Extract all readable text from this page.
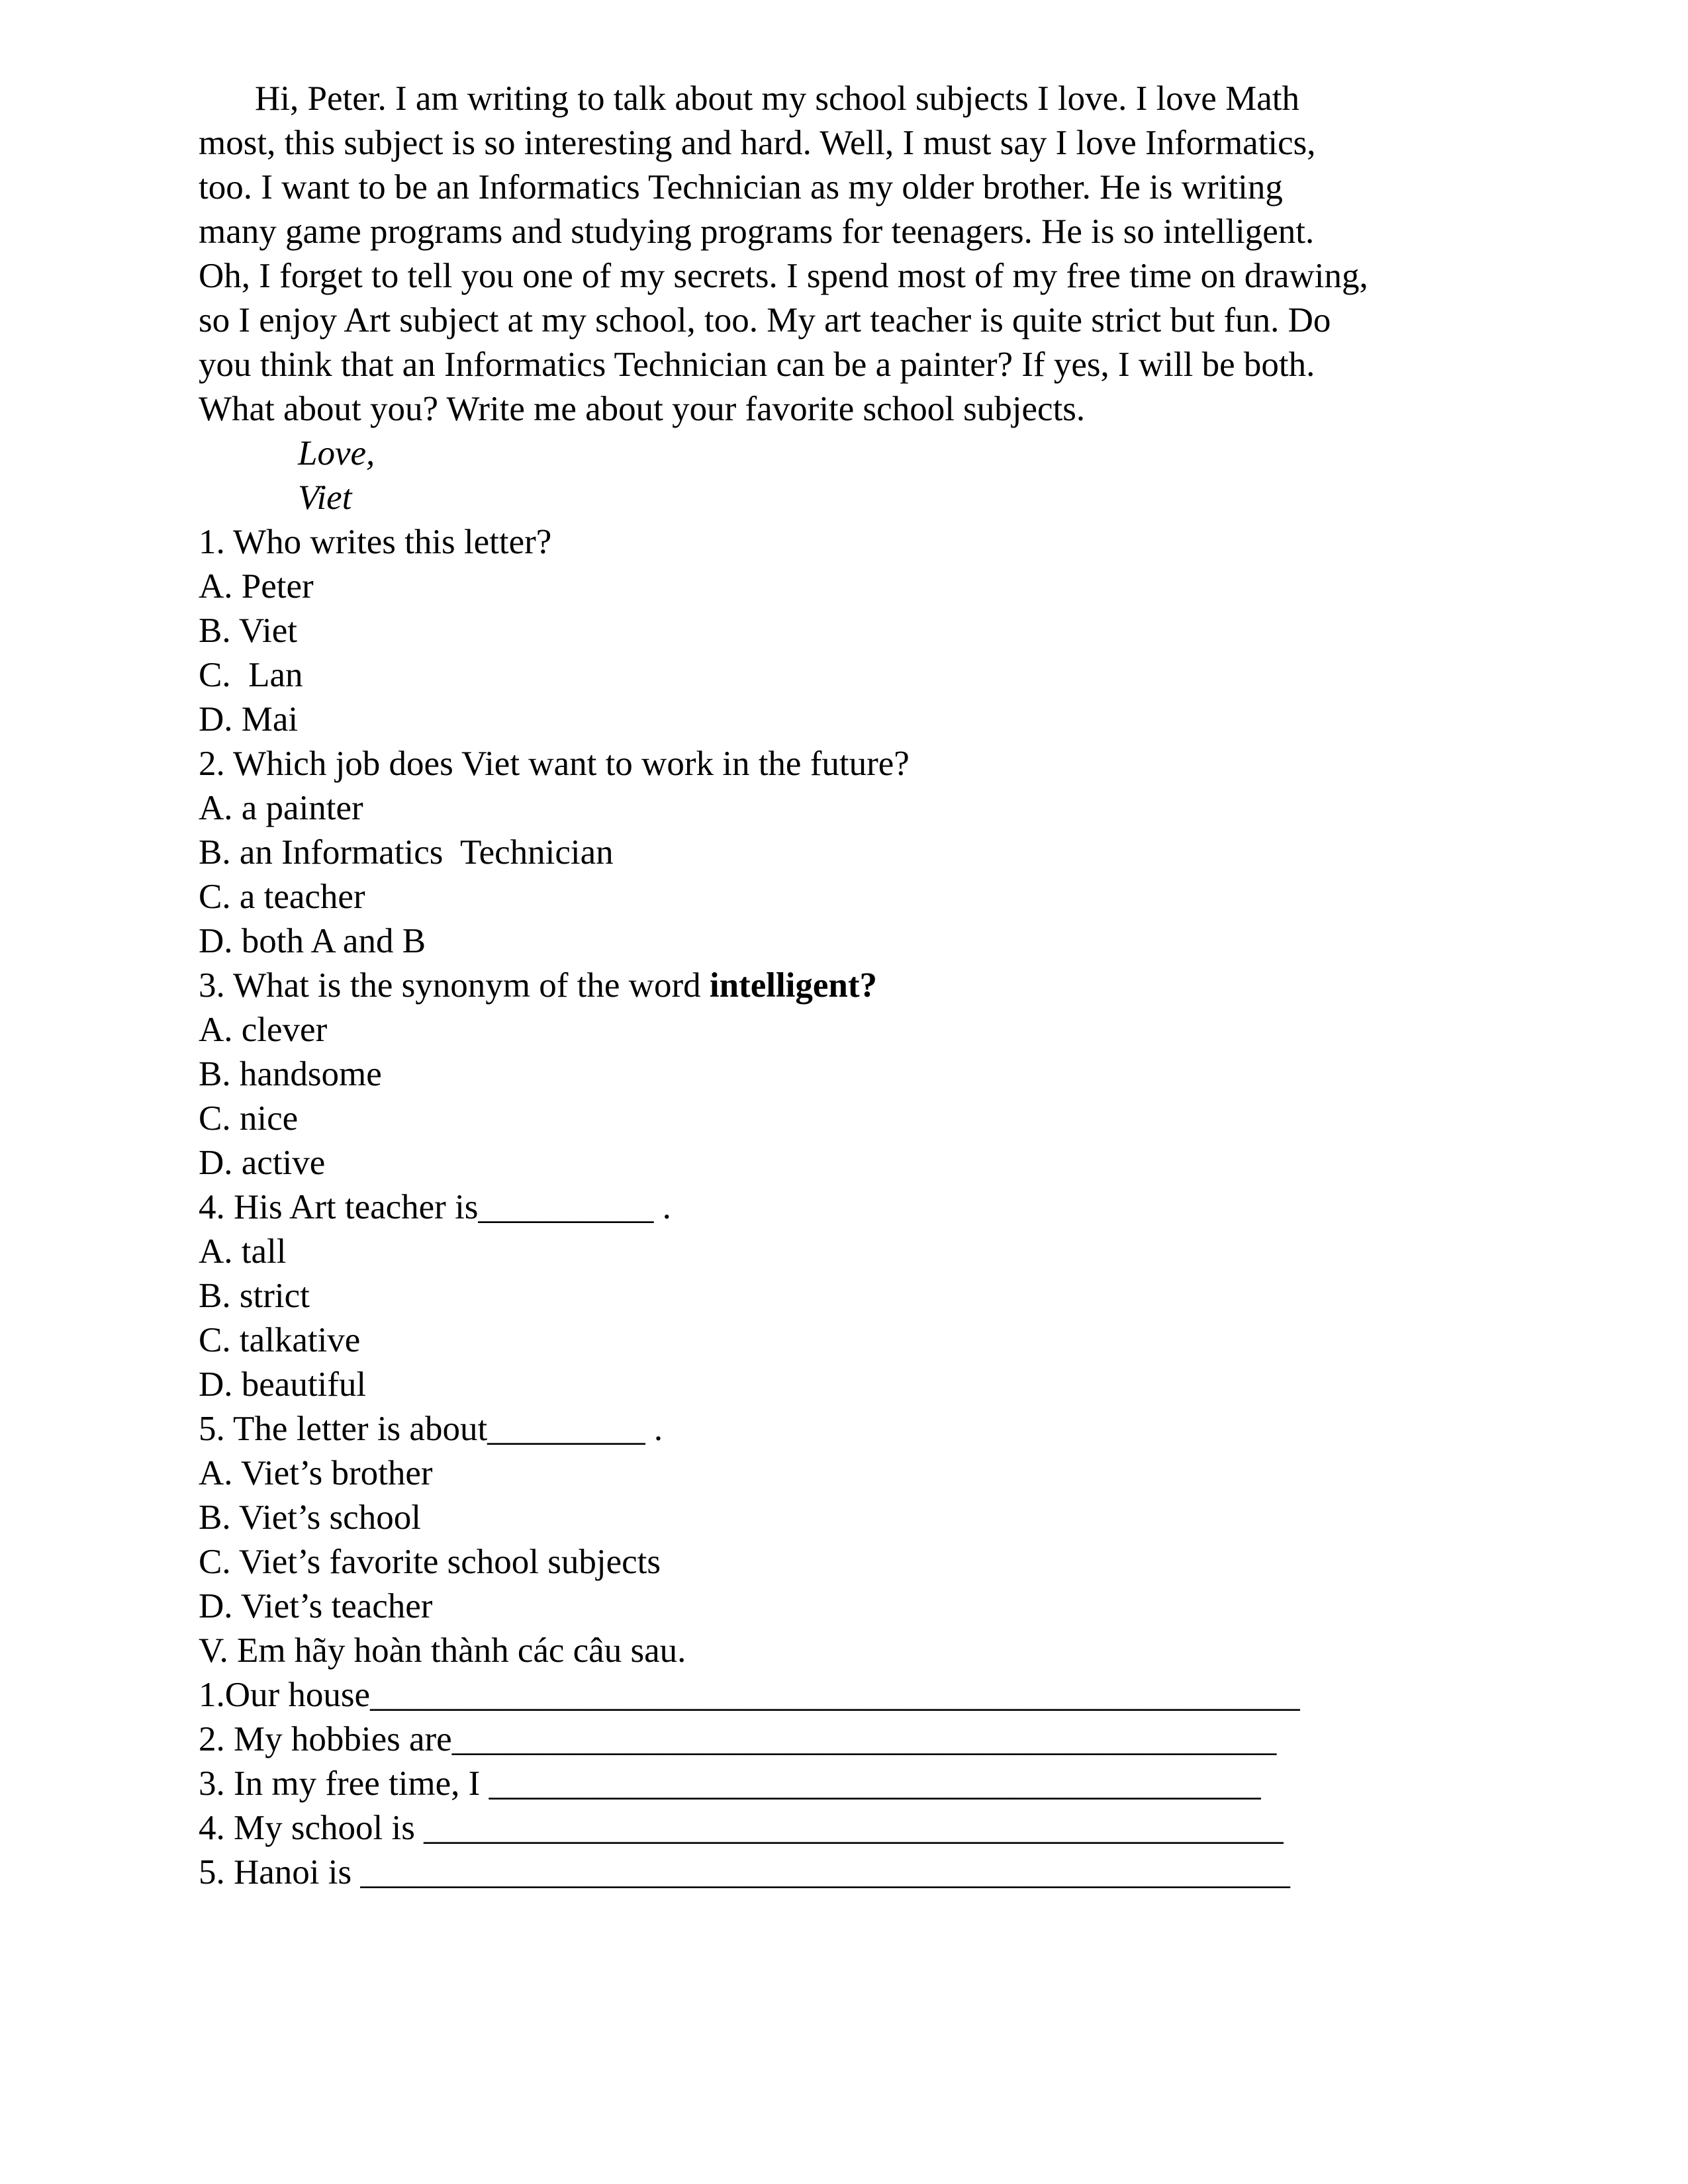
Hi, Peter. I am writing to talk about my school subjects I love. I love Math
most, this subject is so interesting and hard. Well, I must say I love Informatics,
too. I want to be an Informatics Technician as my older brother. He is writing
many game programs and studying programs for teenagers. He is so intelligent.
Oh, I forget to tell you one of my secrets. I spend most of my free time on drawing,
so I enjoy Art subject at my school, too. My art teacher is quite strict but fun. Do
you think that an Informatics Technician can be a painter? If yes, I will be both.
What about you? Write me about your favorite school subjects.
Love,
Viet
1. Who writes this letter?
A. Peter
B. Viet
C.  Lan
D. Mai
2. Which job does Viet want to work in the future?
A. a painter
B. an Informatics  Technician
C. a teacher
D. both A and B
3. What is the synonym of the word intelligent?
A. clever
B. handsome
C. nice
D. active
4. His Art teacher is__________ .
A. tall
B. strict
C. talkative
D. beautiful
5. The letter is about_________ .
A. Viet’s brother
B. Viet’s school
C. Viet’s favorite school subjects
D. Viet’s teacher
V. Em hãy hoàn thành các câu sau.
1.Our house_____________________________________________________
2. My hobbies are_______________________________________________
3. In my free time, I ____________________________________________
4. My school is _________________________________________________
5. Hanoi is _____________________________________________________
